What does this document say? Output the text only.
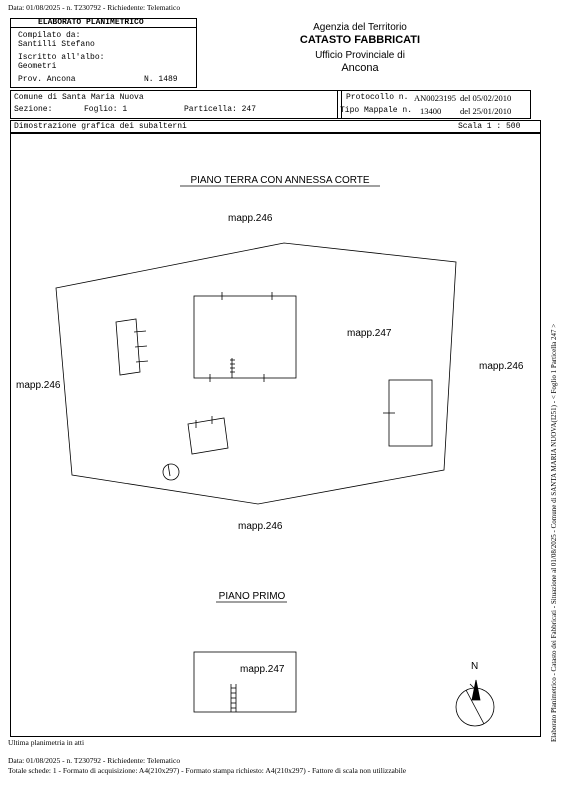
Data: 01/08/2025 - n. T230792 - Richiedente: Telematico
ELABORATO PLANIMETRICO
Compilato da:
Santilli Stefano
Iscritto all'albo:
Geometri
Prov. Ancona	N. 1489
Agenzia del Territorio
CATASTO FABBRICATI
Ufficio Provinciale di
Ancona
Comune di Santa Maria Nuova
Sezione:	Foglio: 1	Particella: 247
Protocollo n. AN0023195 del 05/02/2010
Tipo Mappale n. 13400 del 25/01/2010
Dimostrazione grafica dei subalterni	Scala 1 : 500
PIANO TERRA CON ANNESSA CORTE
PIANO PRIMO
mapp.246
mapp.246
mapp.246
mapp.246
mapp.247
mapp.247	N	Elaborato Planimetrico - Catasto dei Fabbricati - Situazione al 01/08/2025 - Comune di SANTA MARIA NUOVA(I251) - < Foglio 1 Particella 247 >
Ultima planimetria in atti
Data: 01/08/2025 - n. T230792 - Richiedente: Telematico
Totale schede: 1 - Formato di acquisizione: A4(210x297) - Formato stampa richiesto: A4(210x297) - Fattore di scala non utilizzabile
